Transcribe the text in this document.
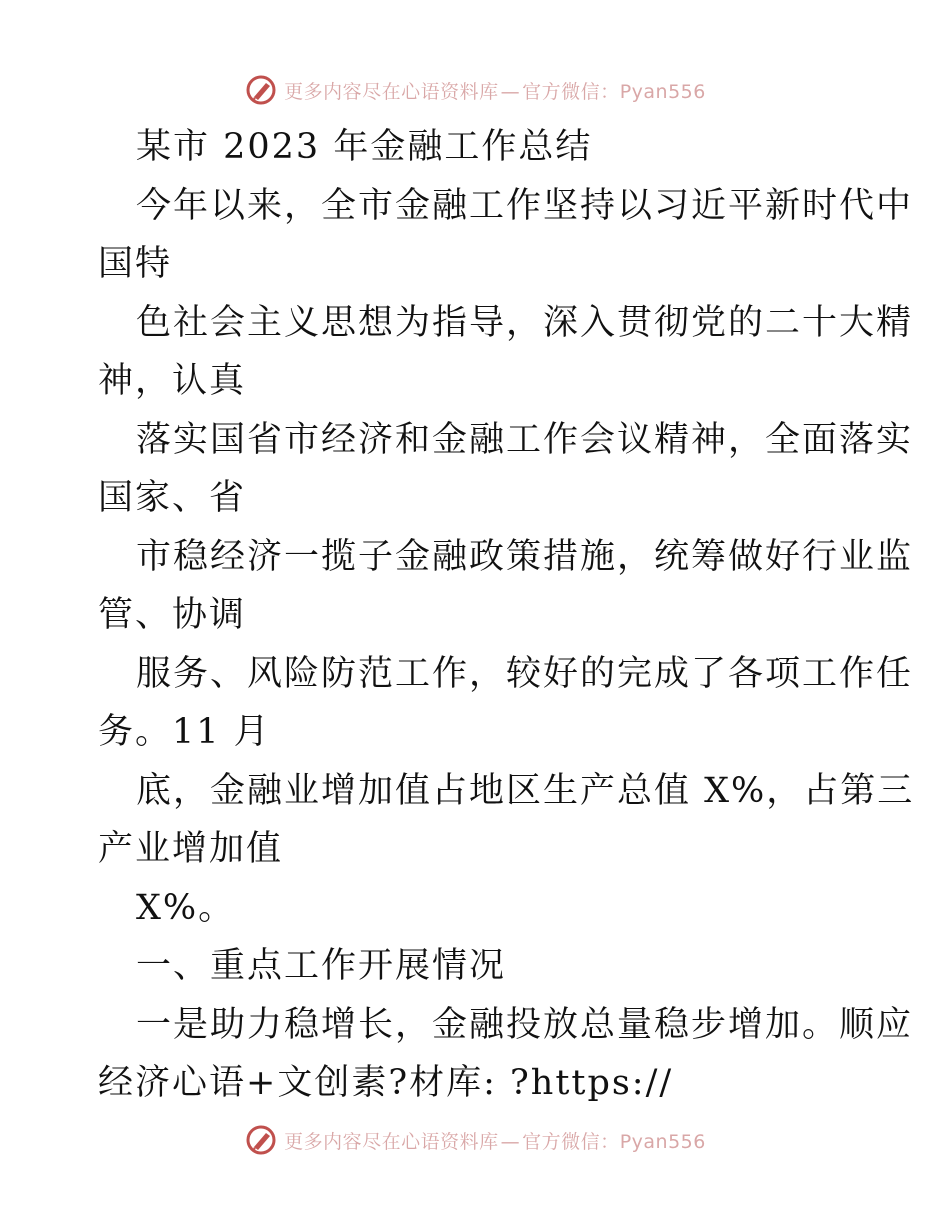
更多内容尽在心语资料库 — 官方微信：Pyan556
某市 2023 年金融工作总结
今年以来，全市金融工作坚持以习近平新时代中
国特
色社会主义思想为指导，深入贯彻党的二十大精
神，认真
落实国省市经济和金融工作会议精神，全面落实
国家、省
市稳经济一揽子金融政策措施，统筹做好行业监
管、协调
服务、风险防范工作，较好的完成了各项工作任
务。11 月
底，金融业增加值占地区生产总值 X%，占第三
产业增加值
X%。
一、重点工作开展情况
一是助力稳增长，金融投放总量稳步增加。顺应
经济心语+文创素?材库: ?https://
更多内容尽在心语资料库 — 官方微信：Pyan556
